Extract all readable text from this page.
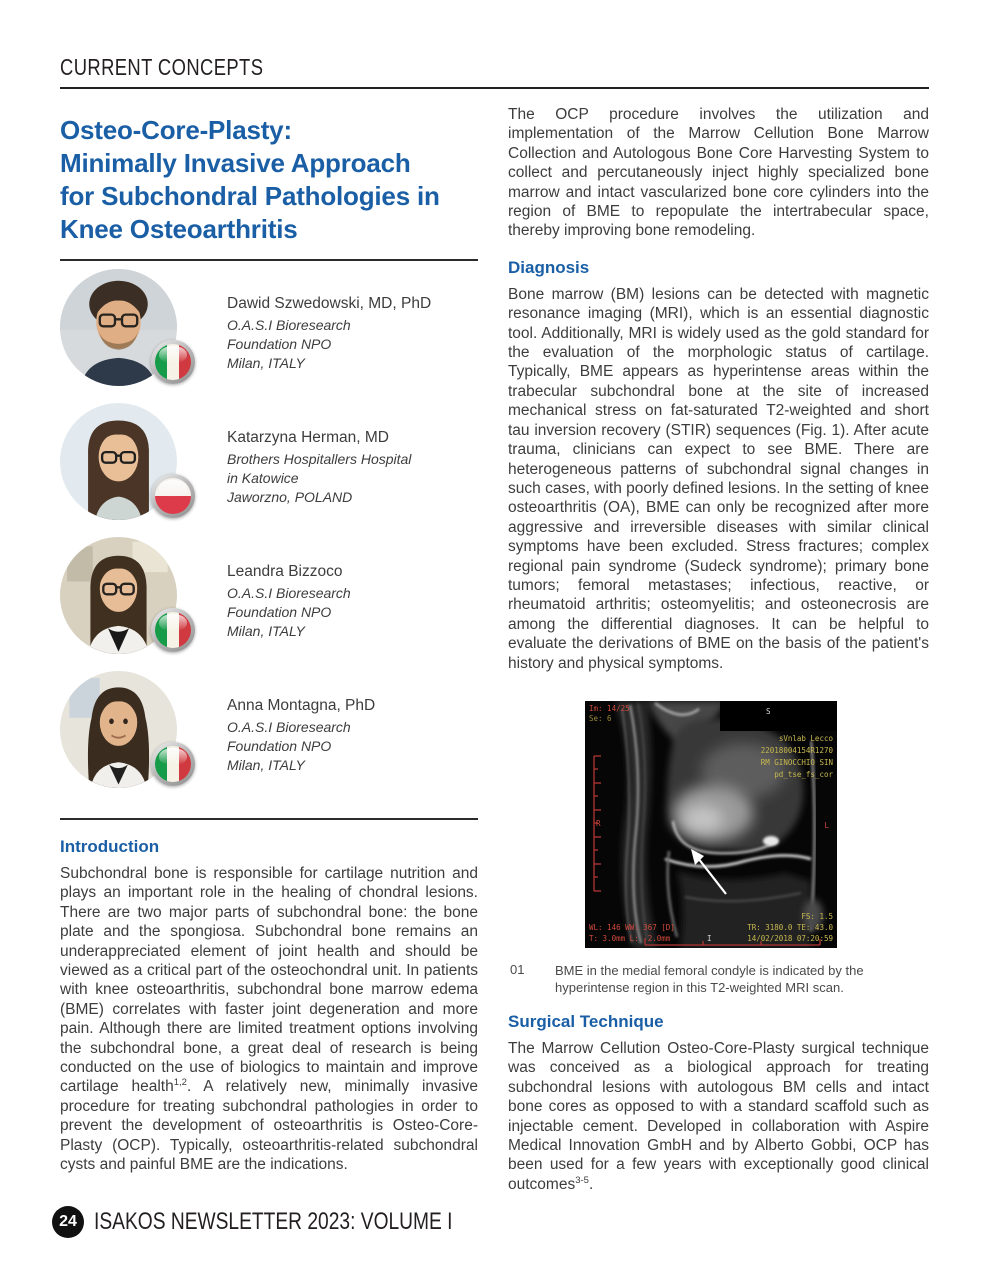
CURRENT CONCEPTS
Osteo-Core-Plasty:
Minimally Invasive Approach
for Subchondral Pathologies in
Knee Osteoarthritis
Dawid Szwedowski, MD, PhD
O.A.S.I Bioresearch
Foundation NPO
Milan, ITALY
Katarzyna Herman, MD
Brothers Hospitallers Hospital
in Katowice
Jaworzno, POLAND
Leandra Bizzoco
O.A.S.I Bioresearch
Foundation NPO
Milan, ITALY
Anna Montagna, PhD
O.A.S.I Bioresearch
Foundation NPO
Milan, ITALY
Introduction

Subchondral bone is responsible for cartilage nutrition and plays an important role in the healing of chondral lesions. There are two major parts of subchondral bone: the bone plate and the spongiosa. Subchondral bone remains an underappreciated element of joint health and should be viewed as a critical part of the osteochondral unit. In patients with knee osteoarthritis, subchondral bone marrow edema (BME) correlates with faster joint degeneration and more pain. Although there are limited treatment options involving the subchondral bone, a great deal of research is being conducted on the use of biologics to maintain and improve cartilage health$^{1,2}$. A relatively new, minimally invasive procedure for treating subchondral pathologies in order to prevent the development of osteoarthritis is Osteo-Core-Plasty (OCP). Typically, osteoarthritis-related subchondral cysts and painful BME are the indications.

The OCP procedure involves the utilization and implementation of the Marrow Cellution Bone Marrow Collection and Autologous Bone Core Harvesting System to collect and percutaneously inject highly specialized bone marrow and intact vascularized bone core cylinders into the region of BME to repopulate the intertrabecular space, thereby improving bone remodeling.

Diagnosis

Bone marrow (BM) lesions can be detected with magnetic resonance imaging (MRI), which is an essential diagnostic tool. Additionally, MRI is widely used as the gold standard for the evaluation of the morphologic status of cartilage. Typically, BME appears as hyperintense areas within the trabecular subchondral bone at the site of increased mechanical stress on fat-saturated T2-weighted and short tau inversion recovery (STIR) sequences (Fig. 1). After acute trauma, clinicians can expect to see BME. There are heterogeneous patterns of subchondral signal changes in such cases, with poorly defined lesions. In the setting of knee osteoarthritis (OA), BME can only be recognized after more aggressive and irreversible diseases with similar clinical symptoms have been excluded. Stress fractures; complex regional pain syndrome (Sudeck syndrome); primary bone tumors; femoral metastases; infectious, reactive, or rheumatoid arthritis; osteomyelitis; and osteonecrosis are among the differential diagnoses. It can be helpful to evaluate the derivations of BME on the basis of the patient's history and physical symptoms.

Im: 14/25
Se: 6
S
sVnlab Lecco
22018004154R1270
RM GINOCCHIO SIN
pd_tse_fs_cor
R	L
WL: 146 WW: 367 [D]
T: 3.0mm L: -2.0mm	I
FS: 1.5
TR: 3180.0 TE: 43.0
14/02/2018 07:20:59
01	BME in the medial femoral condyle is indicated by the hyperintense region in this T2-weighted MRI scan.
Surgical Technique

The Marrow Cellution Osteo-Core-Plasty surgical technique was conceived as a biological approach for treating subchondral lesions with autologous BM cells and intact bone cores as opposed to with a standard scaffold such as injectable cement. Developed in collaboration with Aspire Medical Innovation GmbH and by Alberto Gobbi, OCP has been used for a few years with exceptionally good clinical outcomes$^{3-5}$.

24 ISAKOS NEWSLETTER 2023: VOLUME I
